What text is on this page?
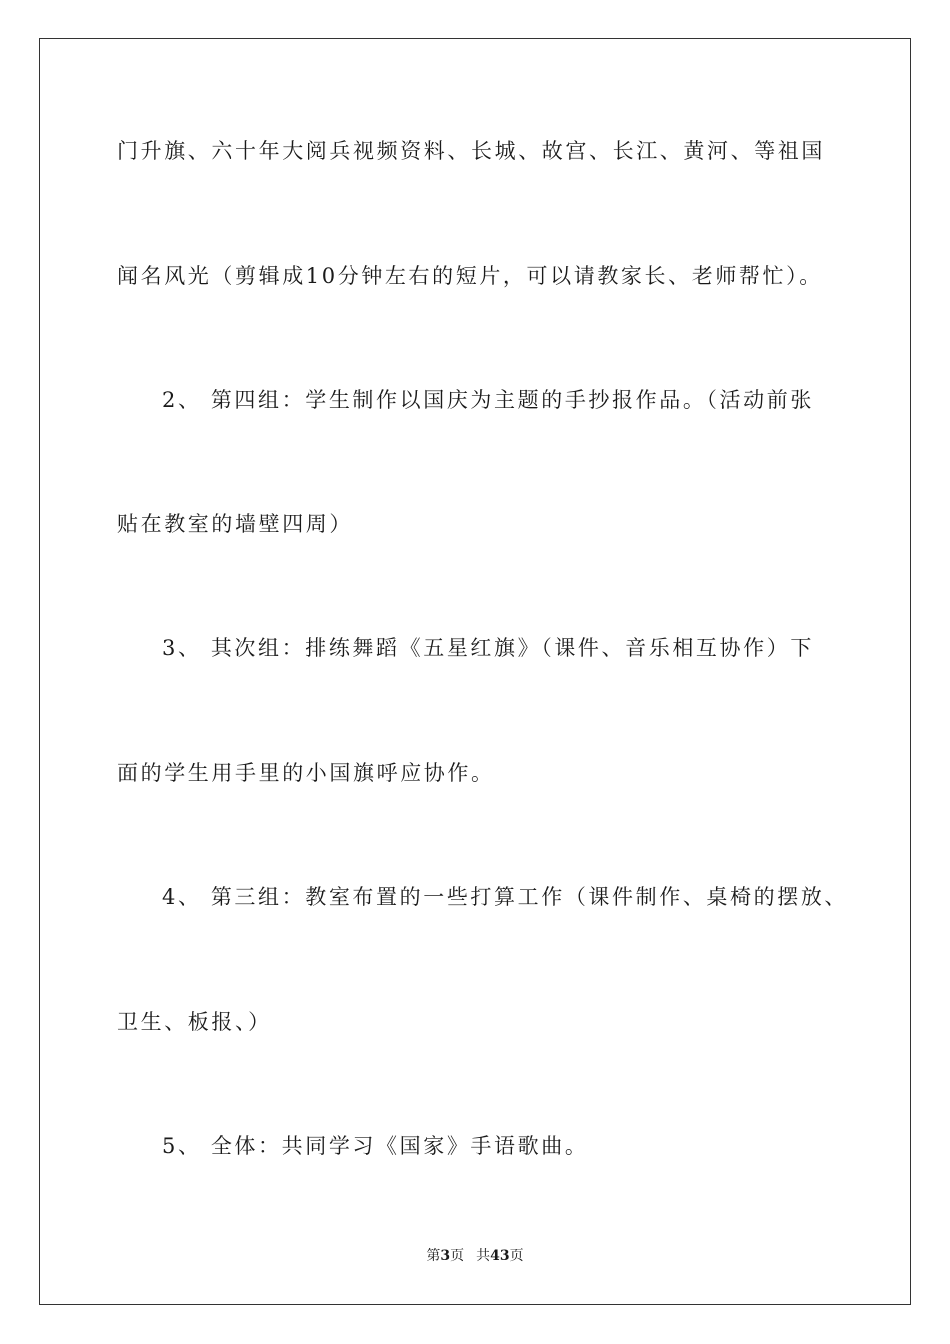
门升旗、六十年大阅兵视频资料、长城、故宫、长江、黄河、等祖国
闻名风光（剪辑成10分钟左右的短片，可以请教家长、老师帮忙）。
2、 第四组：学生制作以国庆为主题的手抄报作品。（活动前张
贴在教室的墙壁四周）
3、 其次组：排练舞蹈《五星红旗》（课件、音乐相互协作）下
面的学生用手里的小国旗呼应协作。
4、 第三组：教室布置的一些打算工作（课件制作、桌椅的摆放、
卫生、板报、）
5、 全体：共同学习《国家》手语歌曲。
第3页 共43页
